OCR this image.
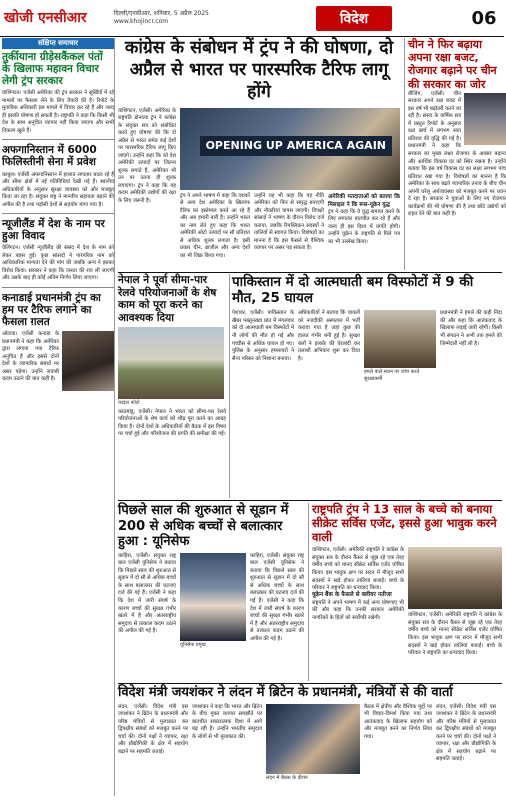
खोजी एनसीआर	दिल्ली/एनसीआर, शनिवार, 5 अप्रैल 2025
www.khojincr.com	विदेश	06
संक्षिप्त समाचार
तुर्कीयाना ग्रीड़ेसकैंकल पंतों के खिलाफ महावन विचार लेगी ट्रंप सरकार
वाशिंगटन। एजेंसी अमेरिका की ट्रंप सरकार ने सुर्खियों में रहे मामलों पर फैसला लेने के लिए तैयारी की है। रिपोर्ट के मुताबिक अधिकारी इस मामले में विचार कर रहे हैं और जल्द ही इसकी घोषणा हो सकती है। राष्ट्रपति ने कहा कि किसी भी देश के साथ अनुचित व्यापार नहीं किया जाएगा और सभी विकल्प खुले हैं।
अफगानिस्तान में 6000 फिलिस्तीनी सेना में प्रवेश
काबुल। एजेंसी अफगानिस्तान में हालात लगातार बदल रहे हैं और सीमा क्षेत्रों में नई गतिविधियां देखी गई हैं। स्थानीय अधिकारियों के अनुसार सुरक्षा व्यवस्था को और मजबूत किया जा रहा है। संयुक्त राष्ट्र ने मानवीय सहायता बढ़ाने की अपील की है तथा पड़ोसी देशों से सहयोग मांगा गया है।
न्यूजीलैंड में देश के नाम पर हुआ विवाद
वेलिंगटन। एजेंसी न्यूजीलैंड की संसद में देश के नाम को लेकर बहस हुई। कुछ सांसदों ने पारंपरिक नाम को आधिकारिक मान्यता देने की मांग की जबकि अन्य ने इसका विरोध किया। सरकार ने कहा कि जनता की राय ली जाएगी और उसके बाद ही कोई अंतिम निर्णय लिया जाएगा।
कनाडाई प्रधानमंत्री ट्रंप का हम पर टैरिफ लगाने का फैसला ग़लत
ओटावा। एजेंसी कनाडा के प्रधानमंत्री ने कहा कि अमेरिका द्वारा लगाया गया टैरिफ अनुचित है और इससे दोनों देशों के व्यापारिक संबंधों पर असर पड़ेगा। उन्होंने जवाबी कदम उठाने की बात कही है।
कांग्रेस के संबोधन में ट्रंप ने की घोषणा, दो
अप्रैल से भारत पर पारस्परिक टैरिफ लागू होंगे
वाशिंगटन, एजेंसी। अमेरिका के राष्ट्रपति डोनाल्ड ट्रंप ने कांग्रेस के संयुक्त सत्र को संबोधित करते हुए घोषणा की कि दो अप्रैल से भारत समेत कई देशों पर पारस्परिक टैरिफ लागू किए जाएंगे। उन्होंने कहा कि जो देश अमेरिकी उत्पादों पर जितना शुल्क लगाते हैं, अमेरिका भी उन पर उतना ही शुल्क लगाएगा। ट्रंप ने कहा कि यह कदम अमेरिकी उद्योगों की रक्षा के लिए जरूरी है।
OPENING UP AMERICA AGAIN
ट्रंप ने अपने भाषण में कहा कि दशकों से अन्य देश अमेरिका के खिलाफ टैरिफ का इस्तेमाल करते आ रहे हैं और अब हमारी बारी है। उन्होंने भारत का नाम लेते हुए कहा कि भारत अमेरिकी ऑटो उत्पादों पर सौ प्रतिशत से अधिक शुल्क लगाता है। इसी प्रकार चीन, ब्राजील और अन्य देशों का भी जिक्र किया गया।
उन्होंने यह भी कहा कि यह नीति अमेरिका को फिर से समृद्ध बनाएगी और नौकरियां वापस लाएगी। विपक्षी सांसदों ने भाषण के दौरान विरोध दर्ज कराया, जबकि रिपब्लिकन सदस्यों ने तालियों से स्वागत किया। विशेषज्ञों का मानना है कि इस फैसले से वैश्विक व्यापार पर असर पड़ सकता है।
अमेरिकी मतदाताओं को बताया कि मिसाइल ने कि रूस-यूक्रेन युद्ध
ट्रंप ने कहा कि वे युद्ध समाप्त करने के लिए लगातार बातचीत कर रहे हैं और जल्द ही इस दिशा में प्रगति होगी। उन्होंने यूक्रेन के राष्ट्रपति से मिले पत्र का भी उल्लेख किया।
चीन ने फिर बढ़ाया अपना रक्षा बजट, रोजगार बढ़ाने पर चीन की सरकार का जोर
बीजिंग, एजेंसी। चीन सरकार अपने रक्षा बजट में इस वर्ष भी बढ़ोतरी करने जा रही है। संसद के वार्षिक सत्र में प्रस्तुत रिपोर्ट के अनुसार रक्षा खर्च में लगभग सात प्रतिशत की वृद्धि की गई है। प्रधानमंत्री ने कहा कि सरकार का मुख्य लक्ष्य रोजगार के अवसर बढ़ाना और आर्थिक विकास दर को स्थिर रखना है। उन्होंने बताया कि इस वर्ष विकास दर का लक्ष्य लगभग पांच प्रतिशत रखा गया है। विशेषज्ञों का मानना है कि अमेरिका के साथ बढ़ते व्यापारिक तनाव के बीच चीन अपनी घरेलू अर्थव्यवस्था को मजबूत करने पर ध्यान दे रहा है। सरकार ने युवाओं के लिए नए रोजगार कार्यक्रमों की भी घोषणा की है तथा छोटे उद्योगों को राहत देने की बात कही है।
नेपाल ने पूर्वा सीमा-पार रेलवे परियोजनाओं के शेष काम को पूरा करने का आवश्यक दिया
फाइल फोटो
काठमांडू, एजेंसी। नेपाल ने भारत को सीमा-पार रेलवे परियोजनाओं के शेष कार्य को शीघ्र पूरा करने का आग्रह किया है। दोनों देशों के अधिकारियों की बैठक में इस विषय पर चर्चा हुई और परियोजना की प्रगति की समीक्षा की गई।
पाकिस्तान में दो आत्मघाती बम विस्फोटों में 9 की मौत, 25 घायल
पेशावर, एजेंसी। पाकिस्तान के खैबर पख्तूनख्वा प्रांत में मंगलवार को दो आत्मघाती बम विस्फोटों में नौ लोगों की मौत हो गई और पच्चीस से अधिक घायल हो गए। पुलिस के अनुसार हमलावरों ने सैन्य परिसर को निशाना बनाया।
अधिकारियों ने बताया कि घायलों को नजदीकी अस्पताल में भर्ती कराया गया है जहां कुछ की हालत गंभीर बनी हुई है। सुरक्षा बलों ने इलाके की घेराबंदी कर तलाशी अभियान शुरू कर दिया है।
हमले वाले स्थान पर जांच करते सुरक्षाकर्मी
प्रधानमंत्री ने हमले की कड़ी निंदा की और कहा कि आतंकवाद के खिलाफ लड़ाई जारी रहेगी। किसी भी संगठन ने अभी तक हमले की जिम्मेदारी नहीं ली है।
पिछले साल की शुरुआत से सूडान में 200 से अधिक बच्चों से बलात्कार हुआ : यूनिसेफ
काहिरा, एजेंसी। संयुक्त राष्ट्र बाल एजेंसी यूनिसेफ ने बताया कि पिछले साल की शुरुआत से सूडान में दो सौ से अधिक बच्चों के साथ बलात्कार की घटनाएं दर्ज की गई हैं। एजेंसी ने कहा कि देश में जारी संघर्ष के कारण बच्चों की सुरक्षा गंभीर खतरे में है और अंतरराष्ट्रीय समुदाय से तत्काल कदम उठाने की अपील की गई है।
यूनिसेफ प्रमुख
काहिरा, एजेंसी। संयुक्त राष्ट्र बाल एजेंसी यूनिसेफ ने बताया कि पिछले साल की शुरुआत से सूडान में दो सौ से अधिक बच्चों के साथ बलात्कार की घटनाएं दर्ज की गई हैं। एजेंसी ने कहा कि देश में जारी संघर्ष के कारण बच्चों की सुरक्षा गंभीर खतरे में है और अंतरराष्ट्रीय समुदाय से तत्काल कदम उठाने की अपील की गई है।
राष्ट्रपति ट्रंप ने 13 साल के बच्चे को बनाया सीक्रेट सर्विस एजेंट, इससे हुआ भावुक करने वाली
वाशिंगटन, एजेंसी। अमेरिकी राष्ट्रपति ने कांग्रेस के संयुक्त सत्र के दौरान कैंसर से जूझ रहे एक तेरह वर्षीय बच्चे को मानद सीक्रेट सर्विस एजेंट घोषित किया। इस भावुक क्षण पर सदन में मौजूद सभी सदस्यों ने खड़े होकर तालियां बजाईं। बच्चे के परिवार ने राष्ट्रपति का धन्यवाद किया।
यूक्रेन बैंक के फैसले से क्लीयर नतीजा
राष्ट्रपति ने अपने भाषण में कई अन्य घोषणाएं भी कीं और कहा कि उनकी सरकार अमेरिकी नागरिकों के हितों को सर्वोपरि रखेगी।	वाशिंगटन, एजेंसी। अमेरिकी राष्ट्रपति ने कांग्रेस के संयुक्त सत्र के दौरान कैंसर से जूझ रहे एक तेरह वर्षीय बच्चे को मानद सीक्रेट सर्विस एजेंट घोषित किया। इस भावुक क्षण पर सदन में मौजूद सभी सदस्यों ने खड़े होकर तालियां बजाईं। बच्चे के परिवार ने राष्ट्रपति का धन्यवाद किया।
विदेश मंत्री जयशंकर ने लंदन में ब्रिटेन के प्रधानमंत्री, मंत्रियों से की वार्ता
लंदन, एजेंसी। विदेश मंत्री एस जयशंकर ने ब्रिटेन के प्रधानमंत्री और वरिष्ठ मंत्रियों से मुलाकात कर द्विपक्षीय संबंधों को मजबूत करने पर चर्चा की। दोनों पक्षों ने व्यापार, रक्षा और प्रौद्योगिकी के क्षेत्र में सहयोग बढ़ाने पर सहमति जताई।
जयशंकर ने कहा कि भारत और ब्रिटेन के बीच मुक्त व्यापार समझौते पर बातचीत सकारात्मक दिशा में आगे बढ़ रही है। उन्होंने भारतीय समुदाय के लोगों से भी मुलाकात की।
लंदन में बैठक के दौरान
बैठक में क्षेत्रीय और वैश्विक मुद्दों पर भी विचार-विमर्श किया गया तथा आतंकवाद के खिलाफ सहयोग को और मजबूत करने का निर्णय लिया गया।
लंदन, एजेंसी। विदेश मंत्री एस जयशंकर ने ब्रिटेन के प्रधानमंत्री और वरिष्ठ मंत्रियों से मुलाकात कर द्विपक्षीय संबंधों को मजबूत करने पर चर्चा की। दोनों पक्षों ने व्यापार, रक्षा और प्रौद्योगिकी के क्षेत्र में सहयोग बढ़ाने पर सहमति जताई।
